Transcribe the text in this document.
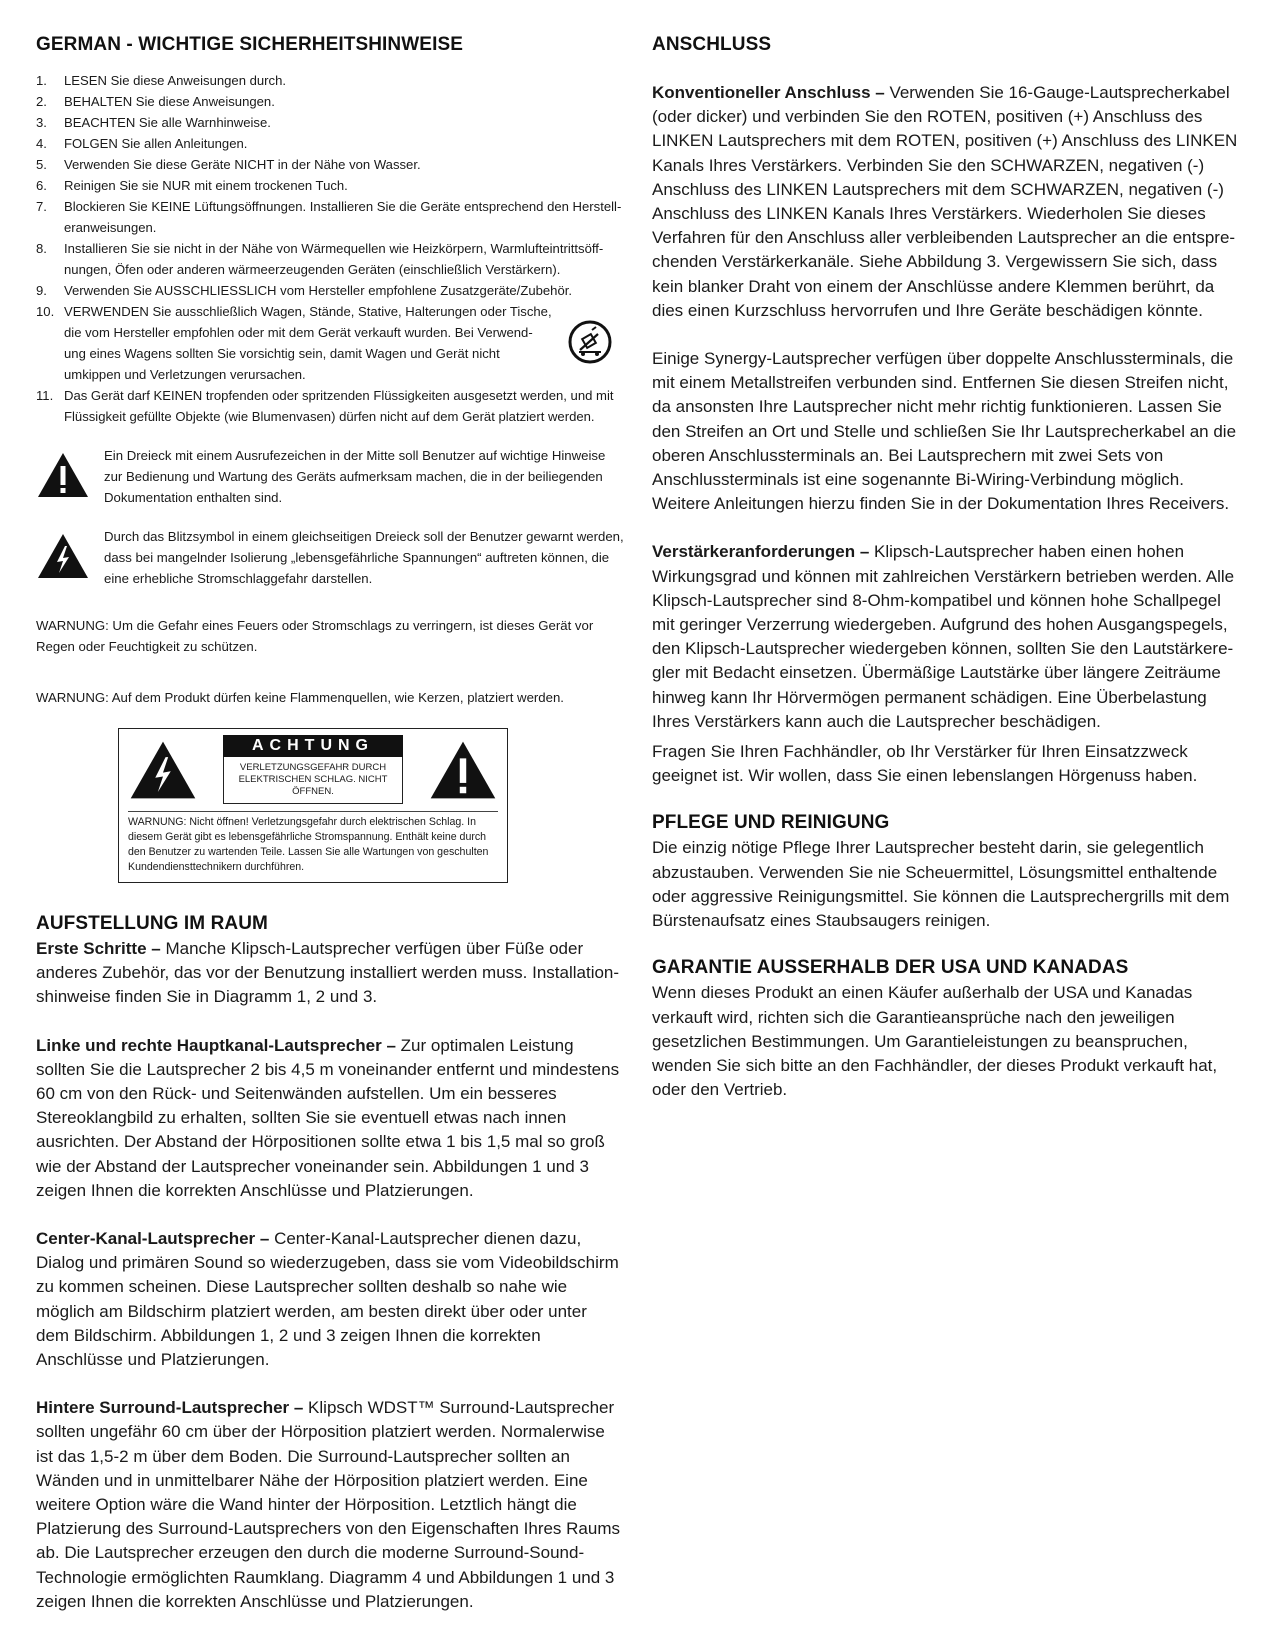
GERMAN - WICHTIGE SICHERHEITSHINWEISE
1. LESEN Sie diese Anweisungen durch.
2. BEHALTEN Sie diese Anweisungen.
3. BEACHTEN Sie alle Warnhinweise.
4. FOLGEN Sie allen Anleitungen.
5. Verwenden Sie diese Geräte NICHT in der Nähe von Wasser.
6. Reinigen Sie sie NUR mit einem trockenen Tuch.
7. Blockieren Sie KEINE Lüftungsöffnungen. Installieren Sie die Geräte entsprechend den Herstell-eranweisungen.
8. Installieren Sie sie nicht in der Nähe von Wärmequellen wie Heizkörpern, Warmlufteintrittsöff-nungen, Öfen oder anderen wärmeerzeugenden Geräten (einschließlich Verstärkern).
9. Verwenden Sie AUSSCHLIESSLICH vom Hersteller empfohlene Zusatzgeräte/Zubehör.
10. VERWENDEN Sie ausschließlich Wagen, Stände, Stative, Halterungen oder Tische, die vom Hersteller empfohlen oder mit dem Gerät verkauft wurden. Bei Verwend-ung eines Wagens sollten Sie vorsichtig sein, damit Wagen und Gerät nicht umkippen und Verletzungen verursachen.
11. Das Gerät darf KEINEN tropfenden oder spritzenden Flüssigkeiten ausgesetzt werden, und mit Flüssigkeit gefüllte Objekte (wie Blumenvasen) dürfen nicht auf dem Gerät platziert werden.
Ein Dreieck mit einem Ausrufezeichen in der Mitte soll Benutzer auf wichtige Hinweise zur Bedienung und Wartung des Geräts aufmerksam machen, die in der beiliegenden Dokumentation enthalten sind.
Durch das Blitzsymbol in einem gleichseitigen Dreieck soll der Benutzer gewarnt werden, dass bei mangelnder Isolierung „lebensgefährliche Spannungen“ auftreten können, die eine erhebliche Stromschlaggefahr darstellen.

WARNUNG: Um die Gefahr eines Feuers oder Stromschlags zu verringern, ist dieses Gerät vor Regen oder Feuchtigkeit zu schützen.

WARNUNG: Auf dem Produkt dürfen keine Flammenquellen, wie Kerzen, platziert werden.

ACHTUNG
VERLETZUNGSGEFAHR DURCH ELEKTRISCHEN SCHLAG. NICHT ÖFFNEN.
WARNUNG: Nicht öffnen! Verletzungsgefahr durch elektrischen Schlag. In diesem Gerät gibt es lebensgefährliche Stromspannung. Enthält keine durch den Benutzer zu wartenden Teile. Lassen Sie alle Wartungen von geschulten Kundendiensttechnikern durchführen.
AUFSTELLUNG IM RAUM

Erste Schritte – Manche Klipsch-Lautsprecher verfügen über Füße oder anderes Zubehör, das vor der Benutzung installiert werden muss. Installation-shinweise finden Sie in Diagramm 1, 2 und 3.

Linke und rechte Hauptkanal-Lautsprecher – Zur optimalen Leistung sollten Sie die Lautsprecher 2 bis 4,5 m voneinander entfernt und mindestens 60 cm von den Rück- und Seitenwänden aufstellen. Um ein besseres Stereoklangbild zu erhalten, sollten Sie sie eventuell etwas nach innen ausrichten. Der Abstand der Hörpositionen sollte etwa 1 bis 1,5 mal so groß wie der Abstand der Lautsprecher voneinander sein. Abbildungen 1 und 3 zeigen Ihnen die korrekten Anschlüsse und Platzierungen.

Center-Kanal-Lautsprecher – Center-Kanal-Lautsprecher dienen dazu, Dialog und primären Sound so wiederzugeben, dass sie vom Videobildschirm zu kommen scheinen. Diese Lautsprecher sollten deshalb so nahe wie möglich am Bildschirm platziert werden, am besten direkt über oder unter dem Bildschirm. Abbildungen 1, 2 und 3 zeigen Ihnen die korrekten Anschlüsse und Platzierungen.

Hintere Surround-Lautsprecher – Klipsch WDST™ Surround-Lautsprecher sollten ungefähr 60 cm über der Hörposition platziert werden. Normalerwise ist das 1,5-2 m über dem Boden. Die Surround-Lautsprecher sollten an Wänden und in unmittelbarer Nähe der Hörposition platziert werden. Eine weitere Option wäre die Wand hinter der Hörposition. Letztlich hängt die Platzierung des Surround-Lautsprechers von den Eigenschaften Ihres Raums ab. Die Lautsprecher erzeugen den durch die moderne Surround-Sound-Technologie ermöglichten Raumklang. Diagramm 4 und Abbildungen 1 und 3 zeigen Ihnen die korrekten Anschlüsse und Platzierungen.

ANSCHLUSS

Konventioneller Anschluss – Verwenden Sie 16-Gauge-Lautsprecherkabel (oder dicker) und verbinden Sie den ROTEN, positiven (+) Anschluss des LINKEN Lautsprechers mit dem ROTEN, positiven (+) Anschluss des LINKEN Kanals Ihres Verstärkers. Verbinden Sie den SCHWARZEN, negativen (-) Anschluss des LINKEN Lautsprechers mit dem SCHWARZEN, negativen (-) Anschluss des LINKEN Kanals Ihres Verstärkers. Wiederholen Sie dieses Verfahren für den Anschluss aller verbleibenden Lautsprecher an die entspre-chenden Verstärkerkanäle. Siehe Abbildung 3. Vergewissern Sie sich, dass kein blanker Draht von einem der Anschlüsse andere Klemmen berührt, da dies einen Kurzschluss hervorrufen und Ihre Geräte beschädigen könnte.

Einige Synergy-Lautsprecher verfügen über doppelte Anschlussterminals, die mit einem Metallstreifen verbunden sind. Entfernen Sie diesen Streifen nicht, da ansonsten Ihre Lautsprecher nicht mehr richtig funktionieren. Lassen Sie den Streifen an Ort und Stelle und schließen Sie Ihr Lautsprecherkabel an die oberen Anschlussterminals an. Bei Lautsprechern mit zwei Sets von Anschlussterminals ist eine sogenannte Bi-Wiring-Verbindung möglich. Weitere Anleitungen hierzu finden Sie in der Dokumentation Ihres Receivers.

Verstärkeranforderungen – Klipsch-Lautsprecher haben einen hohen Wirkungsgrad und können mit zahlreichen Verstärkern betrieben werden. Alle Klipsch-Lautsprecher sind 8-Ohm-kompatibel und können hohe Schallpegel mit geringer Verzerrung wiedergeben. Aufgrund des hohen Ausgangspegels, den Klipsch-Lautsprecher wiedergeben können, sollten Sie den Lautstärkere-gler mit Bedacht einsetzen. Übermäßige Lautstärke über längere Zeiträume hinweg kann Ihr Hörvermögen permanent schädigen. Eine Überbelastung Ihres Verstärkers kann auch die Lautsprecher beschädigen.

Fragen Sie Ihren Fachhändler, ob Ihr Verstärker für Ihren Einsatzzweck geeignet ist. Wir wollen, dass Sie einen lebenslangen Hörgenuss haben.

PFLEGE UND REINIGUNG

Die einzig nötige Pflege Ihrer Lautsprecher besteht darin, sie gelegentlich abzustauben. Verwenden Sie nie Scheuermittel, Lösungsmittel enthaltende oder aggressive Reinigungsmittel. Sie können die Lautsprechergrills mit dem Bürstenaufsatz eines Staubsaugers reinigen.

GARANTIE AUSSERHALB DER USA UND KANADAS

Wenn dieses Produkt an einen Käufer außerhalb der USA und Kanadas verkauft wird, richten sich die Garantieansprüche nach den jeweiligen gesetzlichen Bestimmungen. Um Garantieleistungen zu beanspruchen, wenden Sie sich bitte an den Fachhändler, der dieses Produkt verkauft hat, oder den Vertrieb.
